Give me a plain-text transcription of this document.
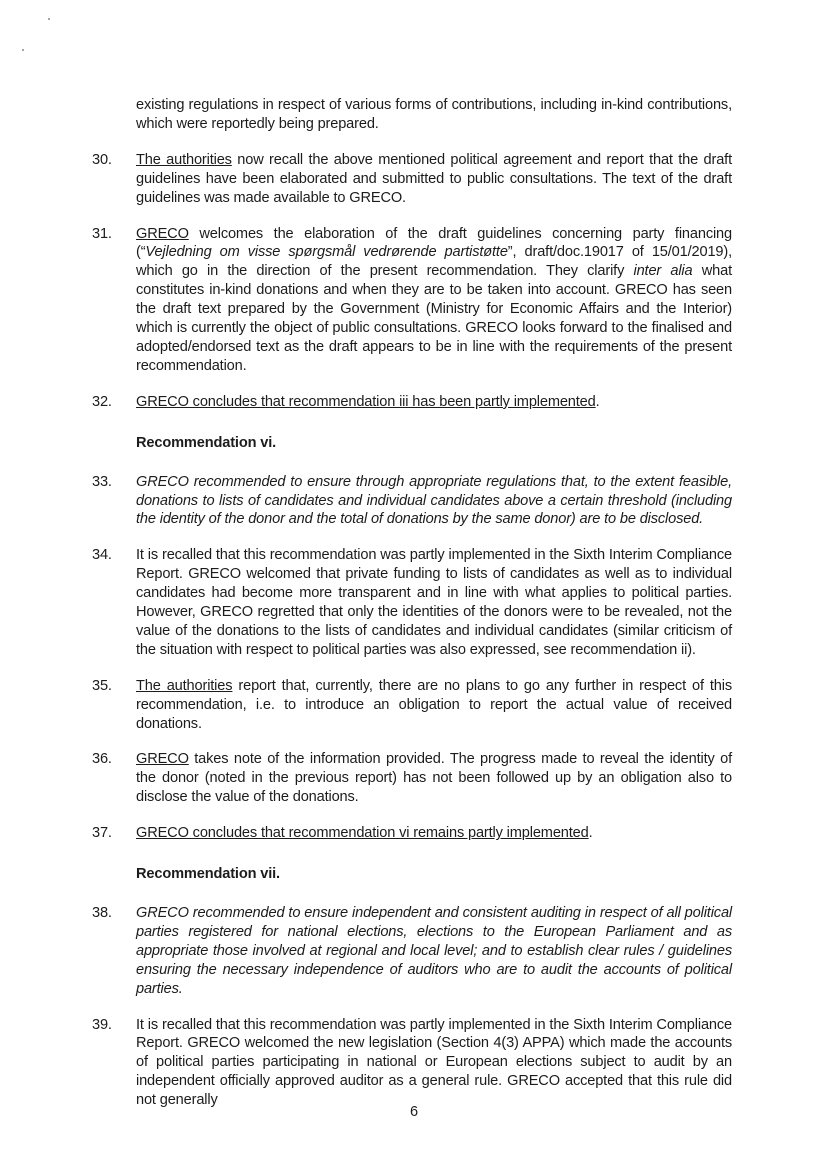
existing regulations in respect of various forms of contributions, including in-kind contributions, which were reportedly being prepared.
30.	The authorities now recall the above mentioned political agreement and report that the draft guidelines have been elaborated and submitted to public consultations. The text of the draft guidelines was made available to GRECO.
31.	GRECO welcomes the elaboration of the draft guidelines concerning party financing (“Vejledning om visse spørgsmål vedrørende partistøtte”, draft/doc.19017 of 15/01/2019), which go in the direction of the present recommendation. They clarify inter alia what constitutes in-kind donations and when they are to be taken into account. GRECO has seen the draft text prepared by the Government (Ministry for Economic Affairs and the Interior) which is currently the object of public consultations. GRECO looks forward to the finalised and adopted/endorsed text as the draft appears to be in line with the requirements of the present recommendation.
32.	GRECO concludes that recommendation iii has been partly implemented.
Recommendation vi.
33.	GRECO recommended to ensure through appropriate regulations that, to the extent feasible, donations to lists of candidates and individual candidates above a certain threshold (including the identity of the donor and the total of donations by the same donor) are to be disclosed.
34.	It is recalled that this recommendation was partly implemented in the Sixth Interim Compliance Report. GRECO welcomed that private funding to lists of candidates as well as to individual candidates had become more transparent and in line with what applies to political parties. However, GRECO regretted that only the identities of the donors were to be revealed, not the value of the donations to the lists of candidates and individual candidates (similar criticism of the situation with respect to political parties was also expressed, see recommendation ii).
35.	The authorities report that, currently, there are no plans to go any further in respect of this recommendation, i.e. to introduce an obligation to report the actual value of received donations.
36.	GRECO takes note of the information provided. The progress made to reveal the identity of the donor (noted in the previous report) has not been followed up by an obligation also to disclose the value of the donations.
37.	GRECO concludes that recommendation vi remains partly implemented.
Recommendation vii.
38.	GRECO recommended to ensure independent and consistent auditing in respect of all political parties registered for national elections, elections to the European Parliament and as appropriate those involved at regional and local level; and to establish clear rules / guidelines ensuring the necessary independence of auditors who are to audit the accounts of political parties.
39.	It is recalled that this recommendation was partly implemented in the Sixth Interim Compliance Report. GRECO welcomed the new legislation (Section 4(3) APPA) which made the accounts of political parties participating in national or European elections subject to audit by an independent officially approved auditor as a general rule. GRECO accepted that this rule did not generally
6
